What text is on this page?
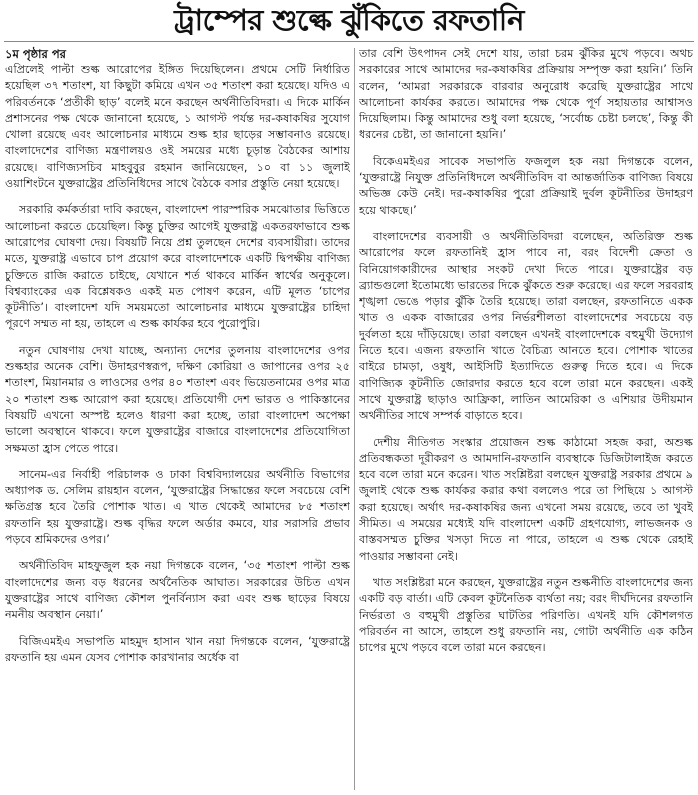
ট্রাম্পের শুল্কে ঝুঁকিতে রফতানি
১ম পৃষ্ঠার পর

এপ্রিলেই পাল্টা শুল্ক আরোপের ইঙ্গিত দিয়েছিলেন। প্রথমে সেটি নির্ধারিত হয়েছিল ৩৭ শতাংশ, যা কিছুটা কমিয়ে এখন ৩৫ শতাংশ করা হয়েছে। যদিও এ পরিবর্তনকে ‘প্রতীকী ছাড়’ বলেই মনে করছেন অর্থনীতিবিদরা। এ দিকে মার্কিন প্রশাসনের পক্ষ থেকে জানানো হয়েছে, ১ আগস্ট পর্যন্ত দর-কষাকষির সুযোগ খোলা রয়েছে এবং আলোচনার মাধ্যমে শুল্ক হার ছাড়ের সম্ভাবনাও রয়েছে। বাংলাদেশের বাণিজ্য মন্ত্রণালয়ও ওই সময়ের মধ্যে চূড়ান্ত বৈঠকের আশায় রয়েছে। বাণিজ্যসচিব মাহবুবুর রহমান জানিয়েছেন, ১০ বা ১১ জুলাই ওয়াশিংটনে যুক্তরাষ্ট্রের প্রতিনিধিদের সাথে বৈঠকে বসার প্রস্তুতি নেয়া হয়েছে।

সরকারি কর্মকর্তারা দাবি করছেন, বাংলাদেশ পারস্পরিক সমঝোতার ভিত্তিতে আলোচনা করতে চেয়েছিল। কিন্তু চুক্তির আগেই যুক্তরাষ্ট্র একতরফাভাবে শুল্ক আরোপের ঘোষণা দেয়। বিষয়টি নিয়ে প্রশ্ন তুলছেন দেশের ব্যবসায়ীরা। তাদের মতে, যুক্তরাষ্ট্র এভাবে চাপ প্রয়োগ করে বাংলাদেশকে একটি দ্বিপক্ষীয় বাণিজ্য চুক্তিতে রাজি করাতে চাইছে, যেখানে শর্ত থাকবে মার্কিন স্বার্থের অনুকূলে। বিশ্বব্যাংকের এক বিশ্লেষকও একই মত পোষণ করেন, এটি মূলত ‘চাপের কূটনীতি’। বাংলাদেশ যদি সময়মতো আলোচনার মাধ্যমে যুক্তরাষ্ট্রের চাহিদা পূরণে সম্মত না হয়, তাহলে এ শুল্ক কার্যকর হবে পুরোপুরি।

নতুন ঘোষণায় দেখা যাচ্ছে, অন্যান্য দেশের তুলনায় বাংলাদেশের ওপর শুল্কহার অনেক বেশি। উদাহরণস্বরূপ, দক্ষিণ কোরিয়া ও জাপানের ওপর ২৫ শতাংশ, মিয়ানমার ও লাওসের ওপর ৪০ শতাংশ এবং ভিয়েতনামের ওপর মাত্র ২০ শতাংশ শুল্ক আরোপ করা হয়েছে। প্রতিযোগী দেশ ভারত ও পাকিস্তানের বিষয়টি এখনো অস্পষ্ট হলেও ধারণা করা হচ্ছে, তারা বাংলাদেশ অপেক্ষা ভালো অবস্থানে থাকবে। ফলে যুক্তরাষ্ট্রের বাজারে বাংলাদেশের প্রতিযোগিতা সক্ষমতা হ্রাস পেতে পারে।

সানেম-এর নির্বাহী পরিচালক ও ঢাকা বিশ্ববিদ্যালয়ের অর্থনীতি বিভাগের অধ্যাপক ড. সেলিম রায়হান বলেন, ‘যুক্তরাষ্ট্রের সিদ্ধান্তের ফলে সবচেয়ে বেশি ক্ষতিগ্রস্ত হবে তৈরি পোশাক খাত। এ খাত থেকেই আমাদের ৮৫ শতাংশ রফতানি হয় যুক্তরাষ্ট্রে। শুল্ক বৃদ্ধির ফলে অর্ডার কমবে, যার সরাসরি প্রভাব পড়বে শ্রমিকদের ওপর।’

অর্থনীতিবিদ মাহফুজুল হক নয়া দিগন্তকে বলেন, ‘৩৫ শতাংশ পাল্টা শুল্ক বাংলাদেশের জন্য বড় ধরনের অর্থনৈতিক আঘাত। সরকারের উচিত এখন যুক্তরাষ্ট্রের সাথে বাণিজ্য কৌশল পুনর্বিন্যাস করা এবং শুল্ক ছাড়ের বিষয়ে নমনীয় অবস্থান নেয়া।’

বিজিএমইএ সভাপতি মাহমুদ হাসান খান নয়া দিগন্তকে বলেন, ‘যুক্তরাষ্ট্রে রফতানি হয় এমন যেসব পোশাক কারখানার অর্ধেক বা

তার বেশি উৎপাদন সেই দেশে যায়, তারা চরম ঝুঁকির মুখে পড়বে। অথচ সরকারের সাথে আমাদের দর-কষাকষির প্রক্রিয়ায় সম্পৃক্ত করা হয়নি।’ তিনি বলেন, ‘আমরা সরকারকে বারবার অনুরোধ করেছি যুক্তরাষ্ট্রের সাথে আলোচনা কার্যকর করতে। আমাদের পক্ষ থেকে পূর্ণ সহায়তার আশ্বাসও দিয়েছিলাম। কিন্তু আমাদের শুধু বলা হয়েছে, ‘সর্বোচ্চ চেষ্টা চলছে’, কিন্তু কী ধরনের চেষ্টা, তা জানানো হয়নি।’

বিকেএমইএর সাবেক সভাপতি ফজলুল হক নয়া দিগন্তকে বলেন, ‘যুক্তরাষ্ট্রে নিযুক্ত প্রতিনিধিদলে অর্থনীতিবিদ বা আন্তর্জাতিক বাণিজ্য বিষয়ে অভিজ্ঞ কেউ নেই। দর-কষাকষির পুরো প্রক্রিয়াই দুর্বল কূটনীতির উদাহরণ হয়ে থাকছে।’

বাংলাদেশের ব্যবসায়ী ও অর্থনীতিবিদরা বলেছেন, অতিরিক্ত শুল্ক আরোপের ফলে রফতানিই হ্রাস পাবে না, বরং বিদেশী ক্রেতা ও বিনিয়োগকারীদের আস্থার সংকট দেখা দিতে পারে। যুক্তরাষ্ট্রের বড় ব্র্যান্ডগুলো ইতোমধ্যে ভারতের দিকে ঝুঁকতে শুরু করেছে। এর ফলে সরবরাহ শৃঙ্খলা ভেঙে পড়ার ঝুঁকি তৈরি হয়েছে। তারা বলছেন, রফতানিতে একক খাত ও একক বাজারের ওপর নির্ভরশীলতা বাংলাদেশের সবচেয়ে বড় দুর্বলতা হয়ে দাঁড়িয়েছে। তারা বলছেন এখনই বাংলাদেশকে বহুমুখী উদ্যোগ নিতে হবে। এজন্য রফতানি খাতে বৈচিত্র্য আনতে হবে। পোশাক খাতের বাইরে চামড়া, ওষুধ, আইসিটি ইত্যাদিতে গুরুত্ব দিতে হবে। এ দিকে বাণিজ্যিক কূটনীতি জোরদার করতে হবে বলে তারা মনে করছেন। একই সাথে যুক্তরাষ্ট্র ছাড়াও আফ্রিকা, লাতিন আমেরিকা ও এশিয়ার উদীয়মান অর্থনীতির সাথে সম্পর্ক বাড়াতে হবে।

দেশীয় নীতিগত সংস্কার প্রয়োজন শুল্ক কাঠামো সহজ করা, অশুল্ক প্রতিবন্ধকতা দূরীকরণ ও আমদানি-রফতানি ব্যবস্থাকে ডিজিটালাইজ করতে হবে বলে তারা মনে করেন। খাত সংশ্লিষ্টরা বলছেন যুক্তরাষ্ট্র সরকার প্রথমে ৯ জুলাই থেকে শুল্ক কার্যকর করার কথা বললেও পরে তা পিছিয়ে ১ আগস্ট করা হয়েছে। অর্থাৎ দর-কষাকষির জন্য এখনো সময় রয়েছে, তবে তা খুবই সীমিত। এ সময়ের মধ্যেই যদি বাংলাদেশ একটি গ্রহণযোগ্য, লাভজনক ও বাস্তবসম্মত চুক্তির খসড়া দিতে না পারে, তাহলে এ শুল্ক থেকে রেহাই পাওয়ার সম্ভাবনা নেই।

খাত সংশ্লিষ্টরা মনে করছেন, যুক্তরাষ্ট্রের নতুন শুল্কনীতি বাংলাদেশের জন্য একটি বড় বার্তা। এটি কেবল কূটনৈতিক ব্যর্থতা নয়; বরং দীর্ঘদিনের রফতানি নির্ভরতা ও বহুমুখী প্রস্তুতির ঘাটতির পরিণতি। এখনই যদি কৌশলগত পরিবর্তন না আসে, তাহলে শুধু রফতানি নয়, গোটা অর্থনীতি এক কঠিন চাপের মুখে পড়বে বলে তারা মনে করছেন।
